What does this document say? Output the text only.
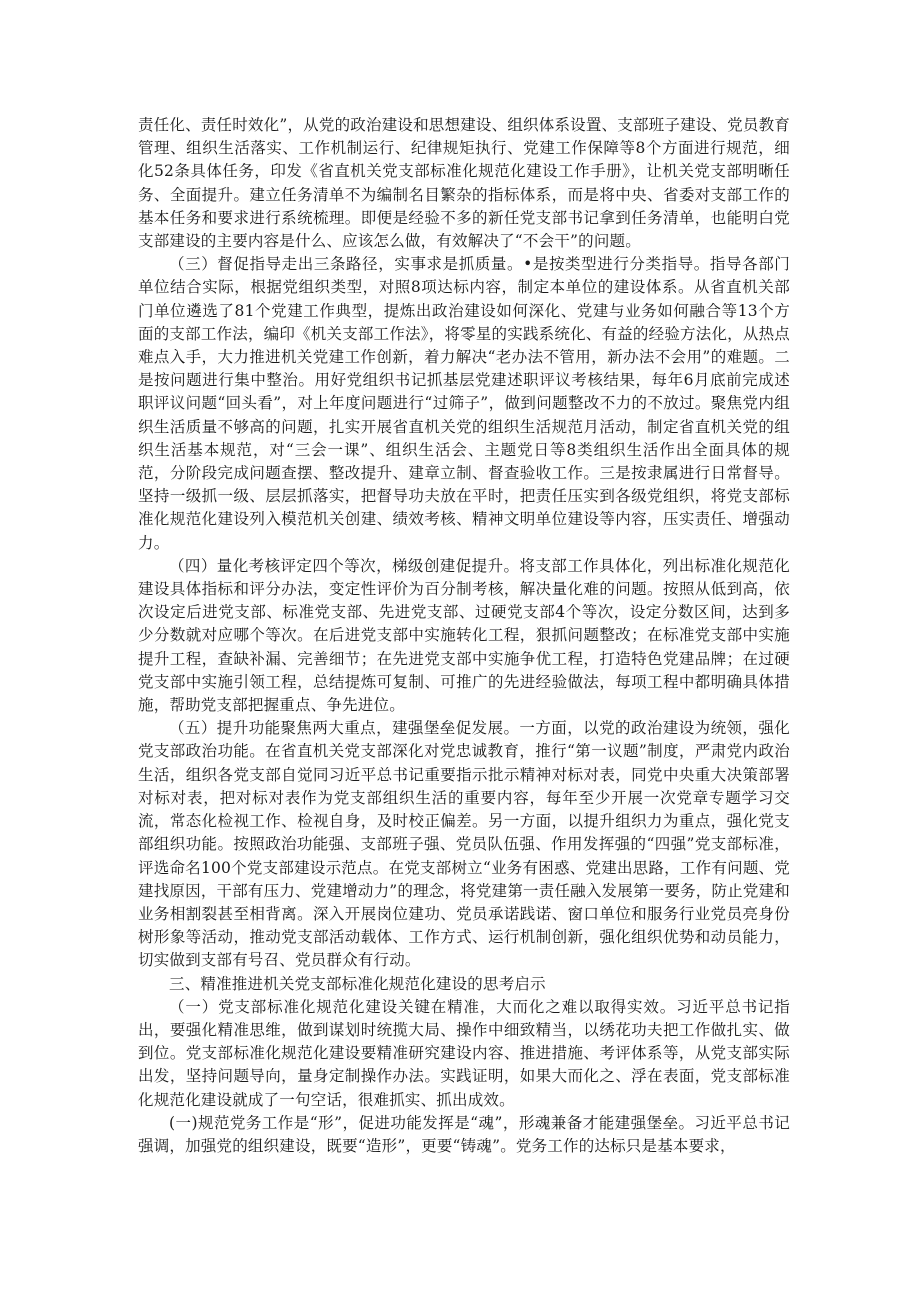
责任化、责任时效化”，从党的政治建设和思想建设、组织体系设置、支部班子建设、党员教育管理、组织生活落实、工作机制运行、纪律规矩执行、党建工作保障等8个方面进行规范，细化52条具体任务，印发《省直机关党支部标准化规范化建设工作手册》，让机关党支部明晰任务、全面提升。建立任务清单不为编制名目繁杂的指标体系，而是将中央、省委对支部工作的基本任务和要求进行系统梳理。即便是经验不多的新任党支部书记拿到任务清单，也能明白党支部建设的主要内容是什么、应该怎么做，有效解决了“不会干”的问题。

（三）督促指导走出三条路径，实事求是抓质量。•是按类型进行分类指导。指导各部门单位结合实际，根据党组织类型，对照8项达标内容，制定本单位的建设体系。从省直机关部门单位遴选了81个党建工作典型，提炼出政治建设如何深化、党建与业务如何融合等13个方面的支部工作法，编印《机关支部工作法》，将零星的实践系统化、有益的经验方法化，从热点难点入手，大力推进机关党建工作创新，着力解决“老办法不管用，新办法不会用”的难题。二是按问题进行集中整治。用好党组织书记抓基层党建述职评议考核结果，每年6月底前完成述职评议问题“回头看”，对上年度问题进行“过筛子”，做到问题整改不力的不放过。聚焦党内组织生活质量不够高的问题，扎实开展省直机关党的组织生活规范月活动，制定省直机关党的组织生活基本规范，对“三会一课”、组织生活会、主题党日等8类组织生活作出全面具体的规范，分阶段完成问题查摆、整改提升、建章立制、督查验收工作。三是按隶属进行日常督导。坚持一级抓一级、层层抓落实，把督导功夫放在平时，把责任压实到各级党组织，将党支部标准化规范化建设列入模范机关创建、绩效考核、精神文明单位建设等内容，压实责任、增强动力。

（四）量化考核评定四个等次，梯级创建促提升。将支部工作具体化，列出标准化规范化建设具体指标和评分办法，变定性评价为百分制考核，解决量化难的问题。按照从低到高，依次设定后进党支部、标准党支部、先进党支部、过硬党支部4个等次，设定分数区间，达到多少分数就对应哪个等次。在后进党支部中实施转化工程，狠抓问题整改；在标准党支部中实施提升工程，查缺补漏、完善细节；在先进党支部中实施争优工程，打造特色党建品牌；在过硬党支部中实施引领工程，总结提炼可复制、可推广的先进经验做法，每项工程中都明确具体措施，帮助党支部把握重点、争先进位。

（五）提升功能聚焦两大重点，建强堡垒促发展。一方面，以党的政治建设为统领，强化党支部政治功能。在省直机关党支部深化对党忠诚教育，推行“第一议题”制度，严肃党内政治生活，组织各党支部自觉同习近平总书记重要指示批示精神对标对表，同党中央重大决策部署对标对表，把对标对表作为党支部组织生活的重要内容，每年至少开展一次党章专题学习交流，常态化检视工作、检视自身，及时校正偏差。另一方面，以提升组织力为重点，强化党支部组织功能。按照政治功能强、支部班子强、党员队伍强、作用发挥强的“四强”党支部标准，评选命名100个党支部建设示范点。在党支部树立“业务有困惑、党建出思路，工作有问题、党建找原因，干部有压力、党建增动力”的理念，将党建第一责任融入发展第一要务，防止党建和业务相割裂甚至相背离。深入开展岗位建功、党员承诺践诺、窗口单位和服务行业党员亮身份树形象等活动，推动党支部活动载体、工作方式、运行机制创新，强化组织优势和动员能力，切实做到支部有号召、党员群众有行动。

三、精准推进机关党支部标准化规范化建设的思考启示

（一）党支部标准化规范化建设关键在精准，大而化之难以取得实效。习近平总书记指出，要强化精准思维，做到谋划时统揽大局、操作中细致精当，以绣花功夫把工作做扎实、做到位。党支部标准化规范化建设要精准研究建设内容、推进措施、考评体系等，从党支部实际出发，坚持问题导向，量身定制操作办法。实践证明，如果大而化之、浮在表面，党支部标准化规范化建设就成了一句空话，很难抓实、抓出成效。

(一)规范党务工作是“形”，促进功能发挥是“魂”，形魂兼备才能建强堡垒。习近平总书记强调，加强党的组织建设，既要“造形”，更要“铸魂”。党务工作的达标只是基本要求，
